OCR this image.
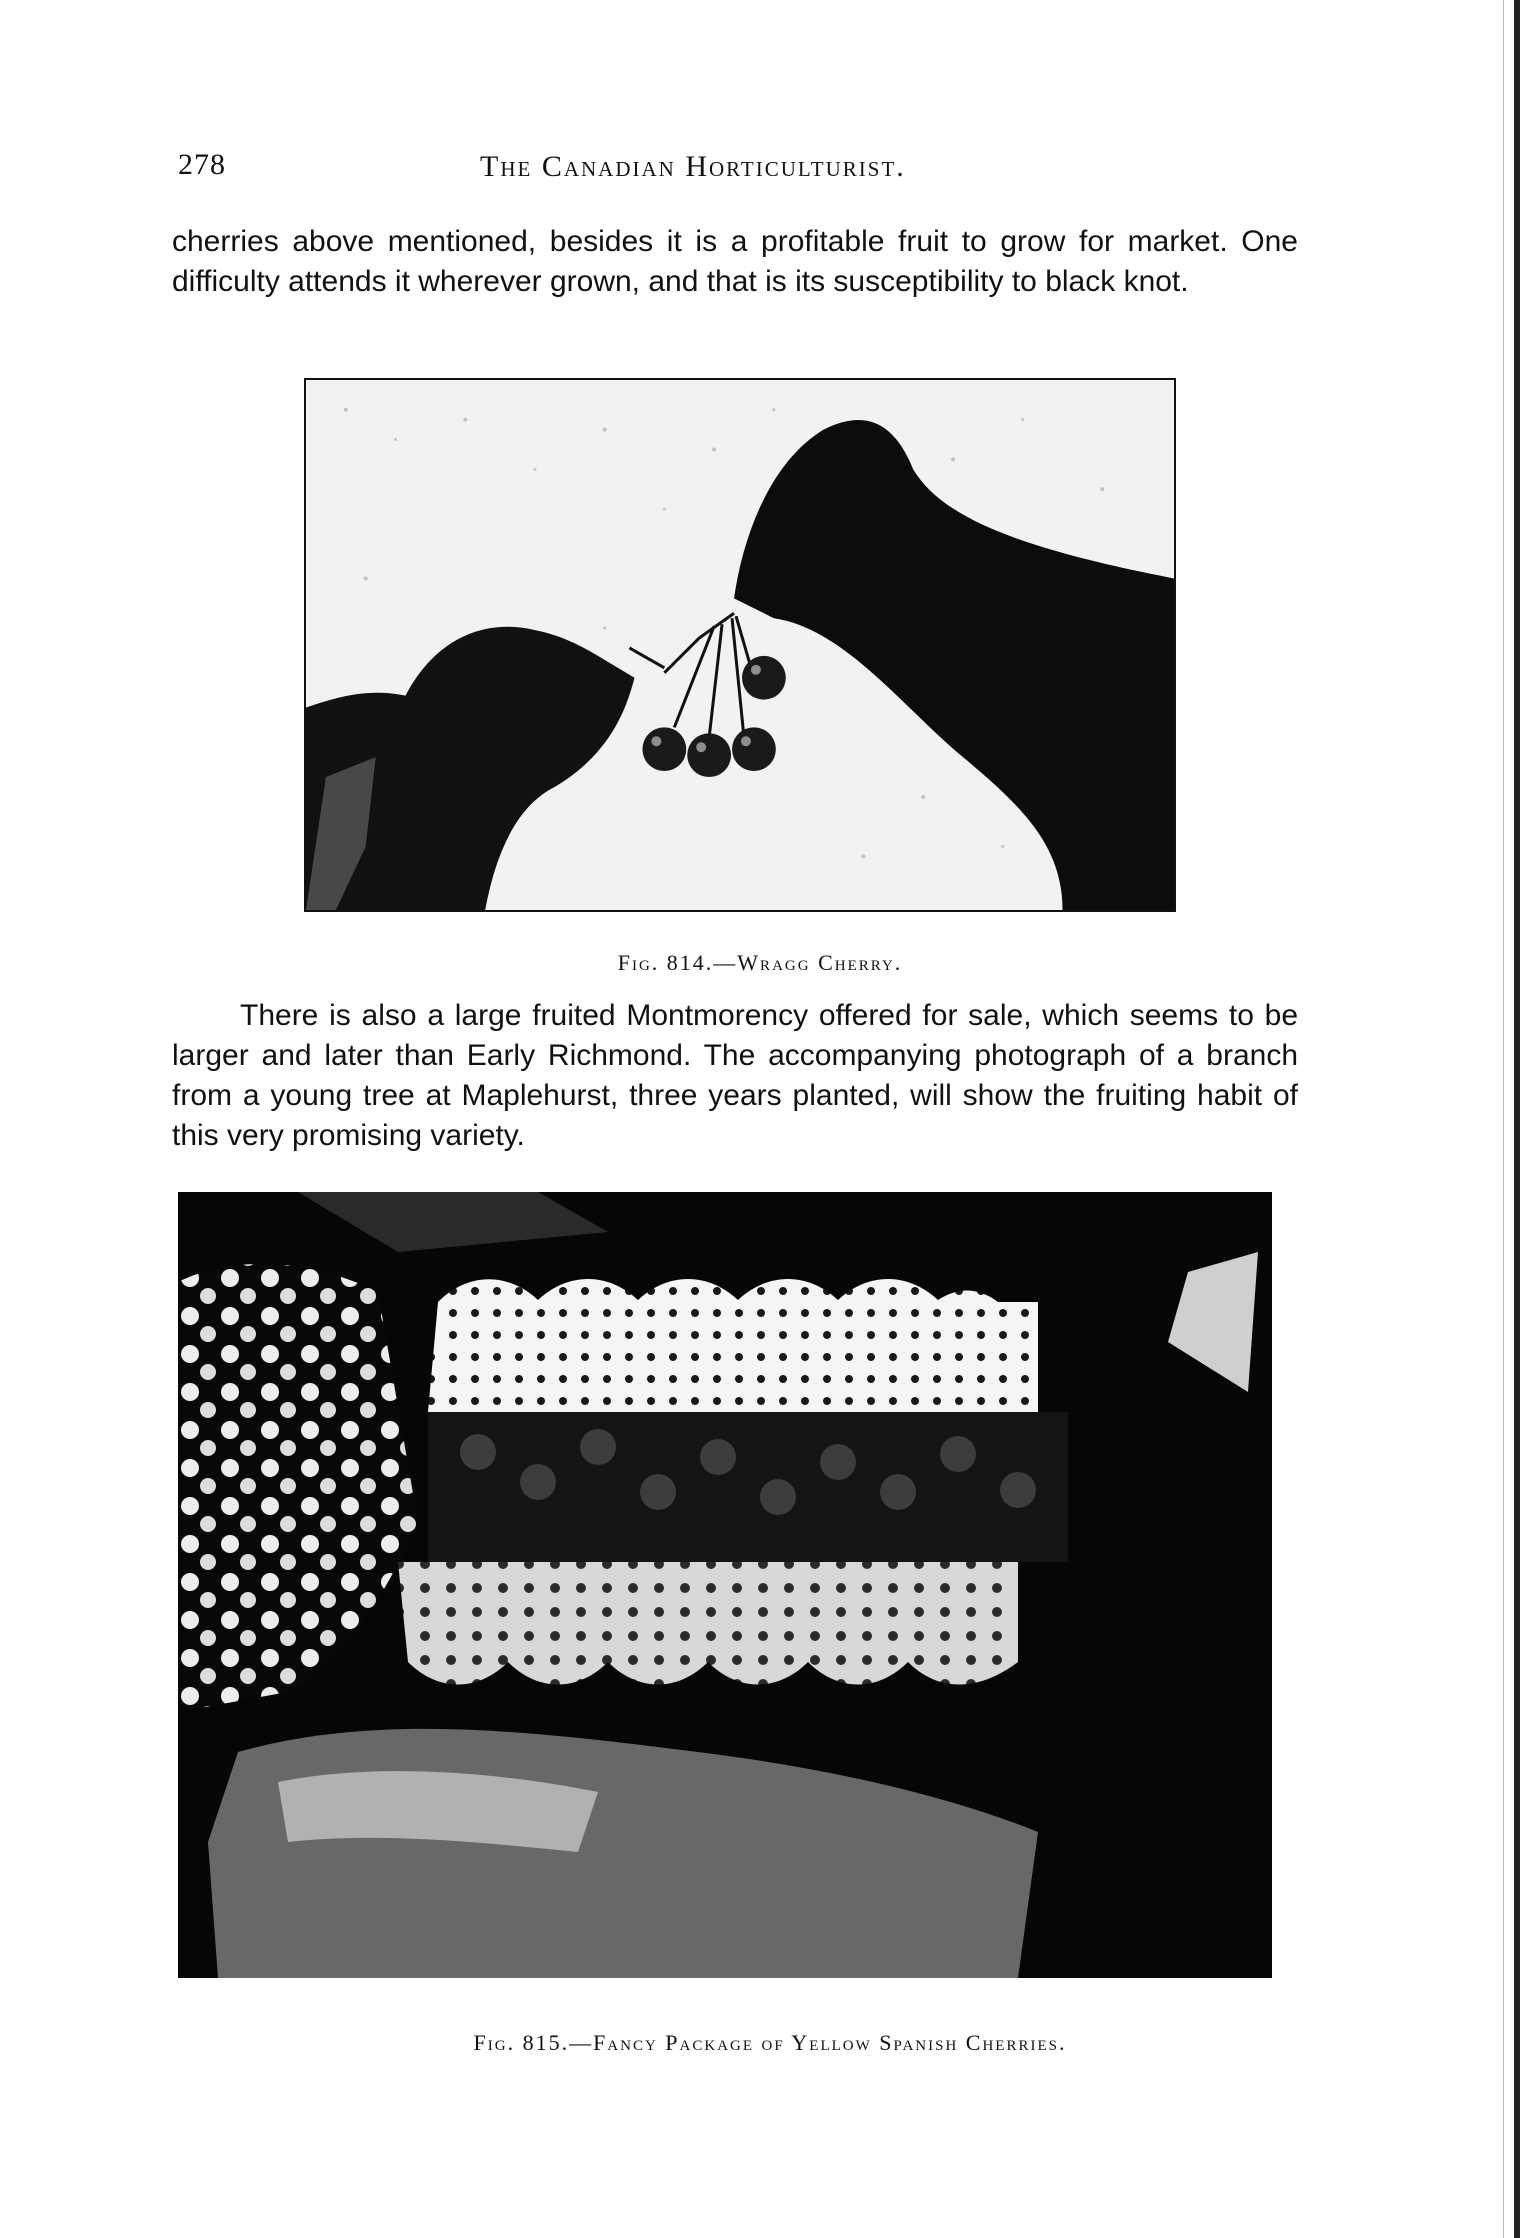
278	The Canadian Horticulturist.

cherries above mentioned, besides it is a profitable fruit to grow for market. One difficulty attends it wherever grown, and that is its susceptibility to black knot.

Fig. 814.—Wragg Cherry.

There is also a large fruited Montmorency offered for sale, which seems to be larger and later than Early Richmond. The accompanying photograph of a branch from a young tree at Maplehurst, three years planted, will show the fruiting habit of this very promising variety.

Fig. 815.—Fancy Package of Yellow Spanish Cherries.
